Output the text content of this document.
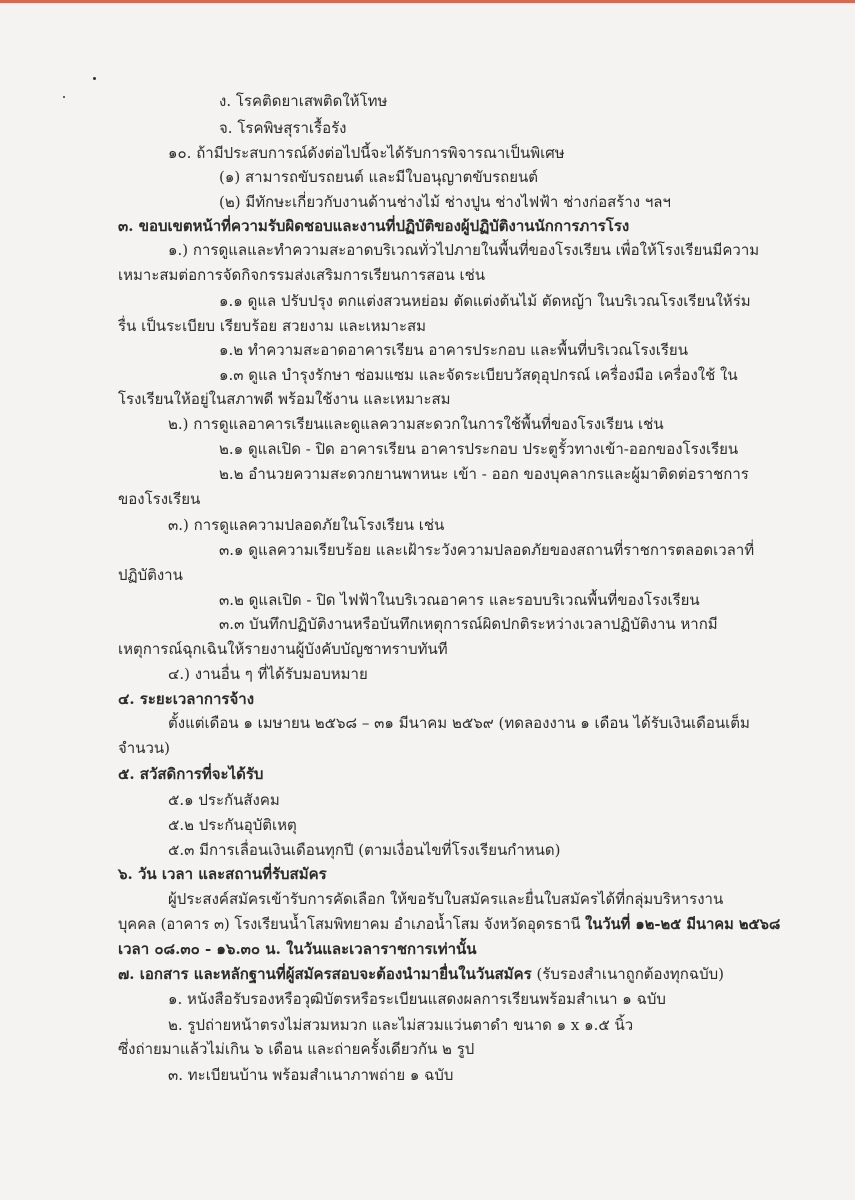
ง. โรคติดยาเสพติดให้โทษ
จ. โรคพิษสุราเรื้อรัง
๑๐. ถ้ามีประสบการณ์ดังต่อไปนี้จะได้รับการพิจารณาเป็นพิเศษ
(๑) สามารถขับรถยนต์ และมีใบอนุญาตขับรถยนต์
(๒) มีทักษะเกี่ยวกับงานด้านช่างไม้ ช่างปูน ช่างไฟฟ้า ช่างก่อสร้าง ฯลฯ
๓. ขอบเขตหน้าที่ความรับผิดชอบและงานที่ปฏิบัติของผู้ปฏิบัติงานนักการภารโรง
๑.) การดูแลและทำความสะอาดบริเวณทั่วไปภายในพื้นที่ของโรงเรียน เพื่อให้โรงเรียนมีความ
เหมาะสมต่อการจัดกิจกรรมส่งเสริมการเรียนการสอน เช่น
๑.๑ ดูแล ปรับปรุง ตกแต่งสวนหย่อม ตัดแต่งต้นไม้ ตัดหญ้า ในบริเวณโรงเรียนให้ร่ม
รื่น เป็นระเบียบ เรียบร้อย สวยงาม และเหมาะสม
๑.๒ ทำความสะอาดอาคารเรียน อาคารประกอบ และพื้นที่บริเวณโรงเรียน
๑.๓ ดูแล บำรุงรักษา ซ่อมแซม และจัดระเบียบวัสดุอุปกรณ์ เครื่องมือ เครื่องใช้ ใน
โรงเรียนให้อยู่ในสภาพดี พร้อมใช้งาน และเหมาะสม
๒.) การดูแลอาคารเรียนและดูแลความสะดวกในการใช้พื้นที่ของโรงเรียน เช่น
๒.๑ ดูแลเปิด - ปิด อาคารเรียน อาคารประกอบ ประตูรั้วทางเข้า-ออกของโรงเรียน
๒.๒ อำนวยความสะดวกยานพาหนะ เข้า - ออก ของบุคลากรและผู้มาติดต่อราชการ
ของโรงเรียน
๓.) การดูแลความปลอดภัยในโรงเรียน เช่น
๓.๑ ดูแลความเรียบร้อย และเฝ้าระวังความปลอดภัยของสถานที่ราชการตลอดเวลาที่
ปฏิบัติงาน
๓.๒ ดูแลเปิด - ปิด ไฟฟ้าในบริเวณอาคาร และรอบบริเวณพื้นที่ของโรงเรียน
๓.๓ บันทึกปฏิบัติงานหรือบันทึกเหตุการณ์ผิดปกติระหว่างเวลาปฏิบัติงาน หากมี
เหตุการณ์ฉุกเฉินให้รายงานผู้บังคับบัญชาทราบทันที
๔.) งานอื่น ๆ ที่ได้รับมอบหมาย
๔. ระยะเวลาการจ้าง
ตั้งแต่เดือน ๑ เมษายน ๒๕๖๘ – ๓๑ มีนาคม ๒๕๖๙ (ทดลองงาน ๑ เดือน ได้รับเงินเดือนเต็ม
จำนวน)
๕. สวัสดิการที่จะได้รับ
๕.๑ ประกันสังคม
๕.๒ ประกันอุบัติเหตุ
๕.๓ มีการเลื่อนเงินเดือนทุกปี (ตามเงื่อนไขที่โรงเรียนกำหนด)
๖. วัน เวลา และสถานที่รับสมัคร
ผู้ประสงค์สมัครเข้ารับการคัดเลือก ให้ขอรับใบสมัครและยื่นใบสมัครได้ที่กลุ่มบริหารงาน
บุคคล (อาคาร ๓) โรงเรียนน้ำโสมพิทยาคม อำเภอน้ำโสม จังหวัดอุดรธานี ในวันที่ ๑๒-๒๕ มีนาคม ๒๕๖๘
เวลา ๐๘.๓๐ - ๑๖.๓๐ น. ในวันและเวลาราชการเท่านั้น
๗. เอกสาร และหลักฐานที่ผู้สมัครสอบจะต้องนำมายื่นในวันสมัคร (รับรองสำเนาถูกต้องทุกฉบับ)
๑. หนังสือรับรองหรือวุฒิบัตรหรือระเบียนแสดงผลการเรียนพร้อมสำเนา ๑ ฉบับ
๒. รูปถ่ายหน้าตรงไม่สวมหมวก และไม่สวมแว่นตาดำ ขนาด ๑ x ๑.๕ นิ้ว
ซึ่งถ่ายมาแล้วไม่เกิน ๖ เดือน และถ่ายครั้งเดียวกัน ๒ รูป
๓. ทะเบียนบ้าน พร้อมสำเนาภาพถ่าย ๑ ฉบับ
